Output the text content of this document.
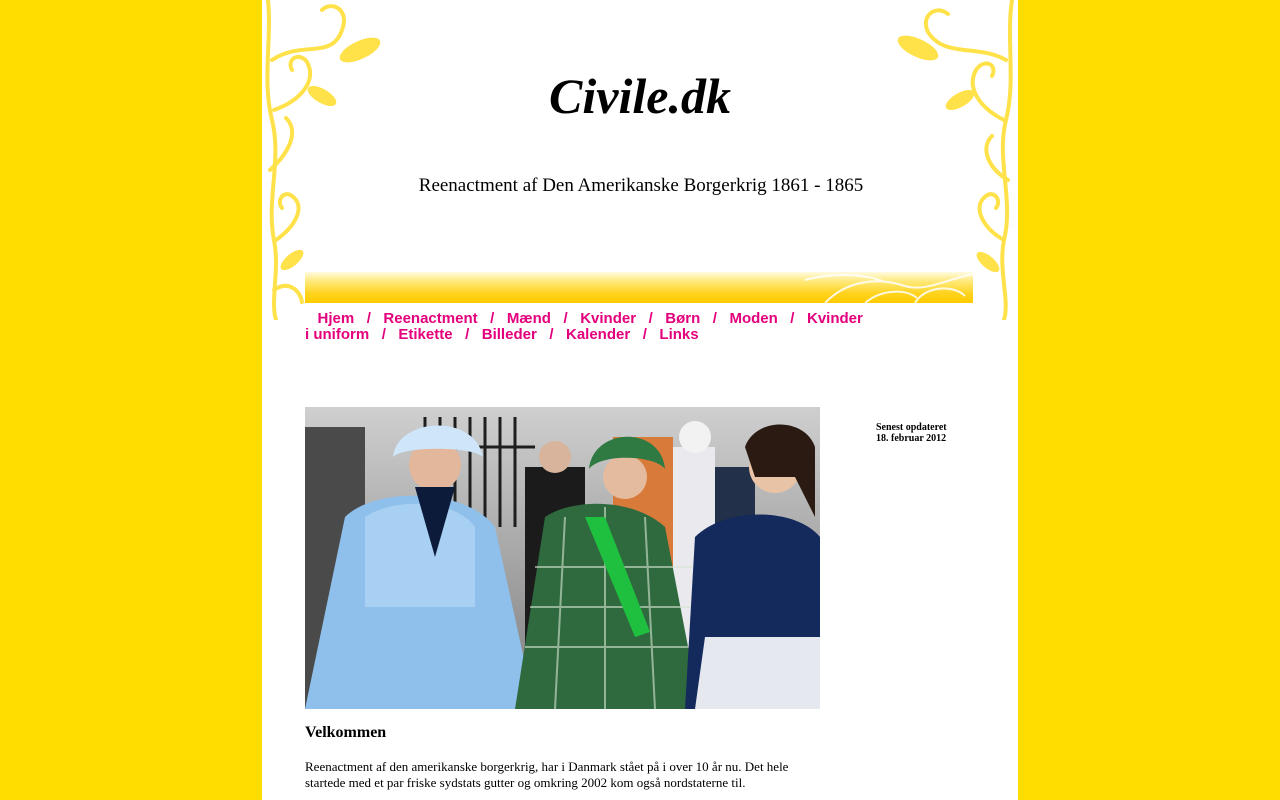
Civile.dk
Reenactment af Den Amerikanske Borgerkrig 1861 - 1865
Hjem / Reenactment / Mænd / Kvinder / Børn / Moden / Kvinder i uniform / Etikette / Billeder / Kalender / Links
Senest opdateret
18. februar 2012
Velkommen

Reenactment af den amerikanske borgerkrig, har i Danmark stået på i over 10 år nu. Det hele startede med et par friske sydstats gutter og omkring 2002 kom også nordstaterne til.
